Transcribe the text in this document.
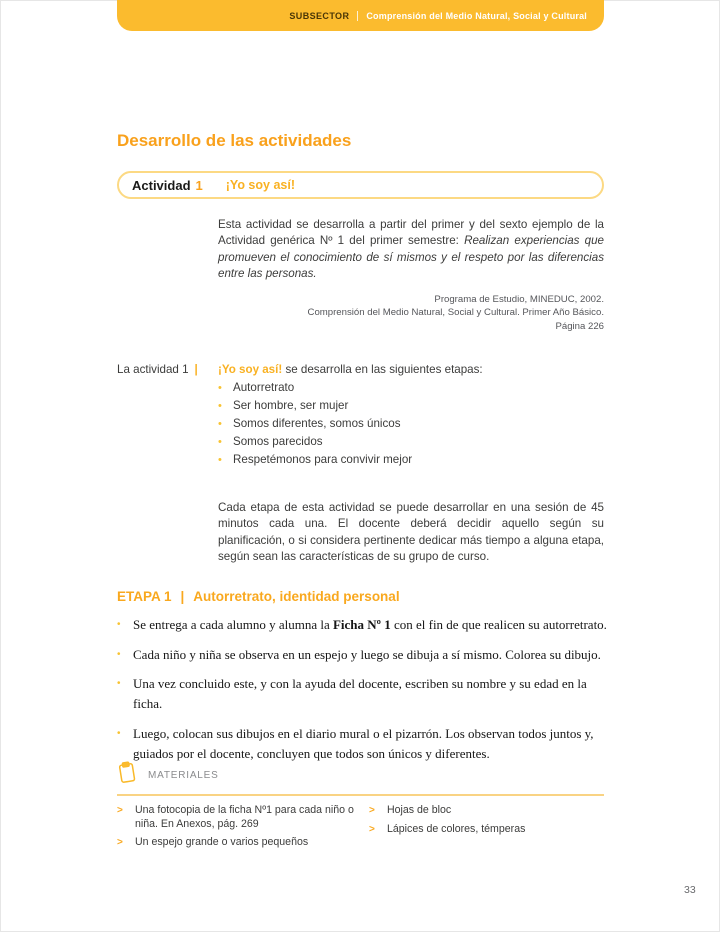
SUBSECTOR Comprensión del Medio Natural, Social y Cultural
Desarrollo de las actividades
Actividad 1 ¡Yo soy así!

Esta actividad se desarrolla a partir del primer y del sexto ejemplo de la Actividad genérica Nº 1 del primer semestre: Realizan experiencias que promueven el conocimiento de sí mismos y el respeto por las diferencias entre las personas.

Programa de Estudio, MINEDUC, 2002.
Comprensión del Medio Natural, Social y Cultural. Primer Año Básico.
Página 226
La actividad 1 | ¡Yo soy así! se desarrolla en las siguientes etapas:

• Autorretrato
• Ser hombre, ser mujer
• Somos diferentes, somos únicos
• Somos parecidos
• Respetémonos para convivir mejor

Cada etapa de esta actividad se puede desarrollar en una sesión de 45 minutos cada una. El docente deberá decidir aquello según su planificación, o si considera pertinente dedicar más tiempo a alguna etapa, según sean las características de su grupo de curso.

ETAPA 1 | Autorretrato, identidad personal
• Se entrega a cada alumno y alumna la Ficha Nº 1 con el fin de que realicen su autorretrato.
• Cada niño y niña se observa en un espejo y luego se dibuja a sí mismo. Colorea su dibujo.
• Una vez concluido este, y con la ayuda del docente, escriben su nombre y su edad en la ficha.
• Luego, colocan sus dibujos en el diario mural o el pizarrón. Los observan todos juntos y, guiados por el docente, concluyen que todos son únicos y diferentes.
MATERIALES
> Una fotocopia de la ficha Nº1 para cada niño o niña. En Anexos, pág. 269
> Un espejo grande o varios pequeños
> Hojas de bloc
> Lápices de colores, témperas
33
